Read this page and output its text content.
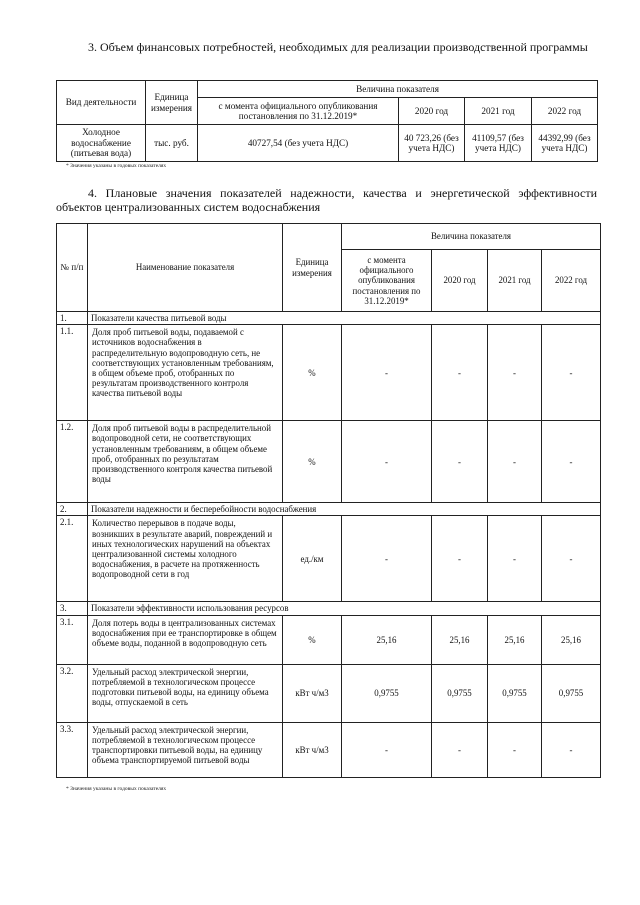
3. Объем финансовых потребностей, необходимых для реализации производственной программы
Вид деятельности	Единица измерения	Величина показателя			
		с момента официального опубликования постановления по 31.12.2019*	2020 год	2021 год	2022 год
Холодное водоснабжение (питьевая вода)	тыс. руб.	40727,54 (без учета НДС)	40 723,26 (без учета НДС)	41109,57 (без учета НДС)	44392,99 (без учета НДС)
* Значения указаны в годовых показателях
4. Плановые значения показателей надежности, качества и энергетической эффективности объектов централизованных систем водоснабжения
№ п/п	Наименование показателя	Единица измерения	Величина показателя			
			с момента официального опубликования постановления по 31.12.2019*	2020 год	2021 год	2022 год
1.	Показатели качества питьевой воды					
1.1.	Доля проб питьевой воды, подаваемой с источников водоснабжения в распределительную водопроводную сеть, не соответствующих установленным требованиям, в общем объеме проб, отобранных по результатам производственного контроля качества питьевой воды	%	-	-	-	-
1.2.	Доля проб питьевой воды в распределительной водопроводной сети, не соответствующих установленным требованиям, в общем объеме проб, отобранных по результатам производственного контроля качества питьевой воды	%	-	-	-	-
2.	Показатели надежности и бесперебойности водоснабжения					
2.1.	Количество перерывов в подаче воды, возникших в результате аварий, повреждений и иных технологических нарушений на объектах централизованной системы холодного водоснабжения, в расчете на протяженность водопроводной сети в год	ед./км	-	-	-	-
3.	Показатели эффективности использования ресурсов					
3.1.	Доля потерь воды в централизованных системах водоснабжения при ее транспортировке в общем объеме воды, поданной в водопроводную сеть	%	25,16	25,16	25,16	25,16
3.2.	Удельный расход электрической энергии, потребляемой в технологическом процессе подготовки питьевой воды, на единицу объема воды, отпускаемой в сеть	кВт ч/м3	0,9755	0,9755	0,9755	0,9755
3.3.	Удельный расход электрической энергии, потребляемой в технологическом процессе транспортировки питьевой воды, на единицу объема транспортируемой питьевой воды	кВт ч/м3	-	-	-	-
* Значения указаны в годовых показателях
